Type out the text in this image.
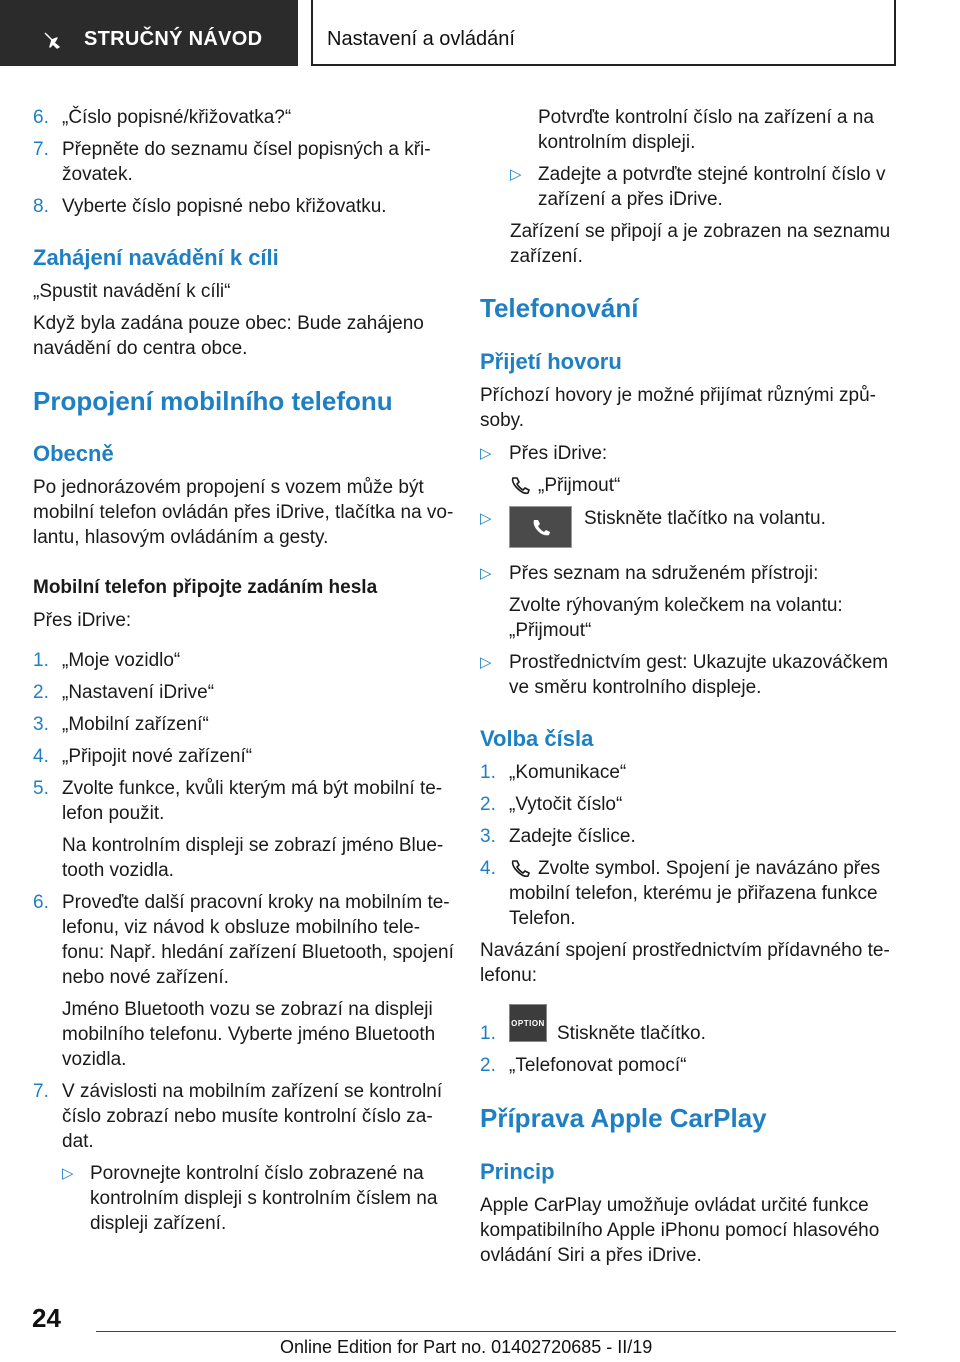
STRUČNÝ NÁVOD	Nastavení a ovládání
6. „Číslo popisné/křižovatka?“
7. Přepněte do seznamu čísel popisných a kři-
žovatek.
8. Vyberte číslo popisné nebo křižovatku.
Zahájení navádění k cíli
„Spustit navádění k cíli“
Když byla zadána pouze obec: Bude zahájeno
navádění do centra obce.
Propojení mobilního telefonu
Obecně
Po jednorázovém propojení s vozem může být
mobilní telefon ovládán přes iDrive, tlačítka na vo-
lantu, hlasovým ovládáním a gesty.
Mobilní telefon připojte zadáním hesla
Přes iDrive:
1. „Moje vozidlo“
2. „Nastavení iDrive“
3. „Mobilní zařízení“
4. „Připojit nové zařízení“
5. Zvolte funkce, kvůli kterým má být mobilní te-
lefon použit.
Na kontrolním displeji se zobrazí jméno Blue-
tooth vozidla.
6. Proveďte další pracovní kroky na mobilním te-
lefonu, viz návod k obsluze mobilního tele-
fonu: Např. hledání zařízení Bluetooth, spojení
nebo nové zařízení.
Jméno Bluetooth vozu se zobrazí na displeji
mobilního telefonu. Vyberte jméno Bluetooth
vozidla.
7. V závislosti na mobilním zařízení se kontrolní
číslo zobrazí nebo musíte kontrolní číslo za-
dat.
▷ Porovnejte kontrolní číslo zobrazené na
kontrolním displeji s kontrolním číslem na
displeji zařízení.
Potvrďte kontrolní číslo na zařízení a na
kontrolním displeji.
▷ Zadejte a potvrďte stejné kontrolní číslo v
zařízení a přes iDrive.
Zařízení se připojí a je zobrazen na seznamu
zařízení.
Telefonování
Přijetí hovoru
Příchozí hovory je možné přijímat různými způ-
soby.
▷ Přes iDrive:
„Přijmout“
▷	Stiskněte tlačítko na volantu.
▷ Přes seznam na sdruženém přístroji:
Zvolte rýhovaným kolečkem na volantu:
„Přijmout“
▷ Prostřednictvím gest: Ukazujte ukazováčkem
ve směru kontrolního displeje.
Volba čísla
1. „Komunikace“
2. „Vytočit číslo“
3. Zadejte číslice.
4. Zvolte symbol. Spojení je navázáno přes
mobilní telefon, kterému je přiřazena funkce
Telefon.
Navázání spojení prostřednictvím přídavného te-
lefonu:
1. OPTION Stiskněte tlačítko.
2. „Telefonovat pomocí“
Příprava Apple CarPlay
Princip
Apple CarPlay umožňuje ovládat určité funkce
kompatibilního Apple iPhonu pomocí hlasového
ovládání Siri a přes iDrive.
24
Online Edition for Part no. 01402720685 - II/19
